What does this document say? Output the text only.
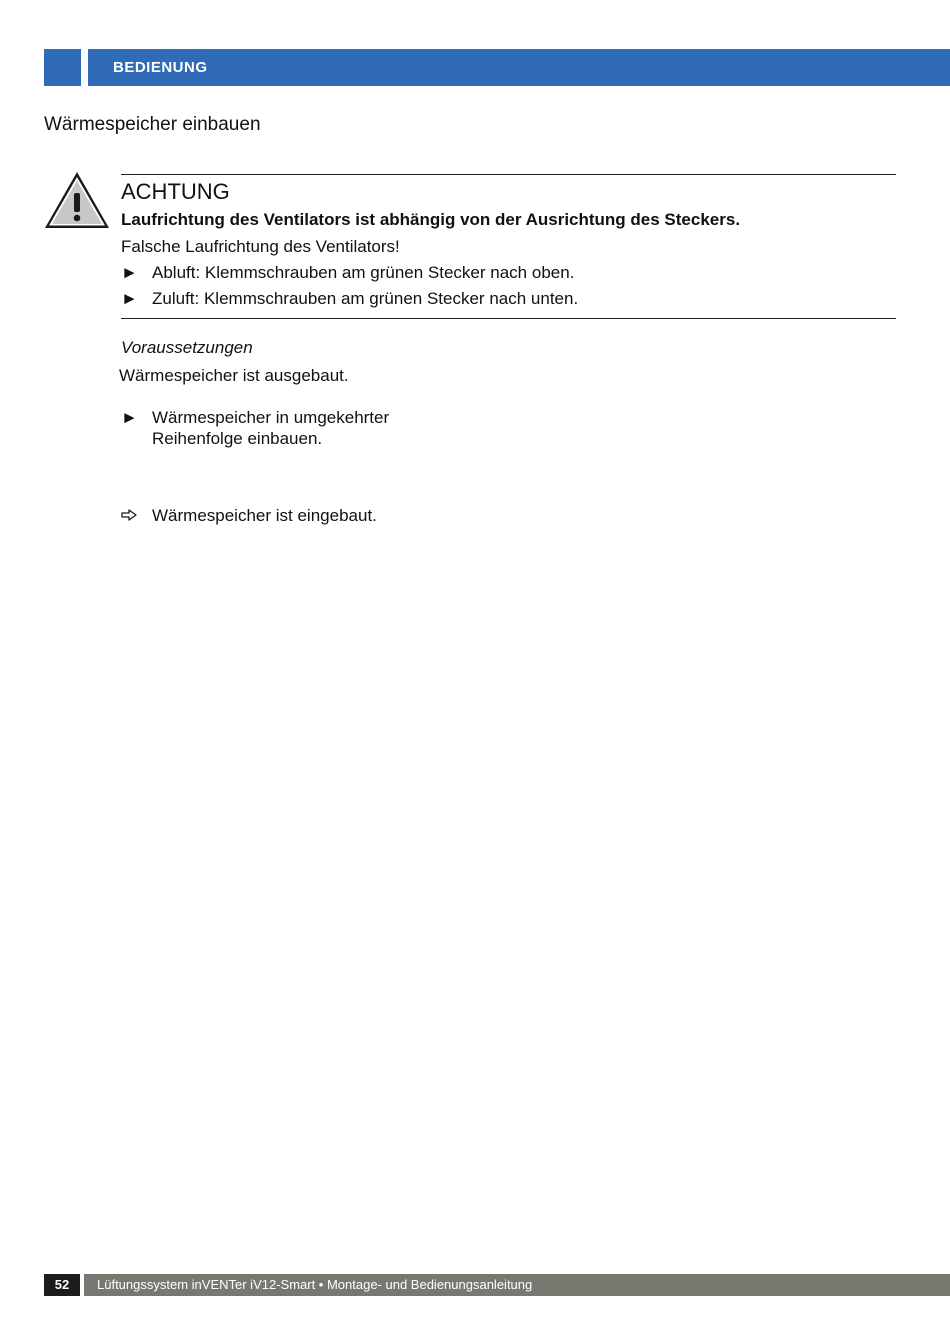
BEDIENUNG
Wärmespeicher einbauen
ACHTUNG
Laufrichtung des Ventilators ist abhängig von der Ausrichtung des Steckers.
Falsche Laufrichtung des Ventilators!
► Abluft: Klemmschrauben am grünen Stecker nach oben.
► Zuluft: Klemmschrauben am grünen Stecker nach unten.
Voraussetzungen
Wärmespeicher ist ausgebaut.
► Wärmespeicher in umgekehrter
Reihenfolge einbauen.
Wärmespeicher ist eingebaut.
52	Lüftungssystem inVENTer iV12-Smart • Montage- und Bedienungsanleitung
